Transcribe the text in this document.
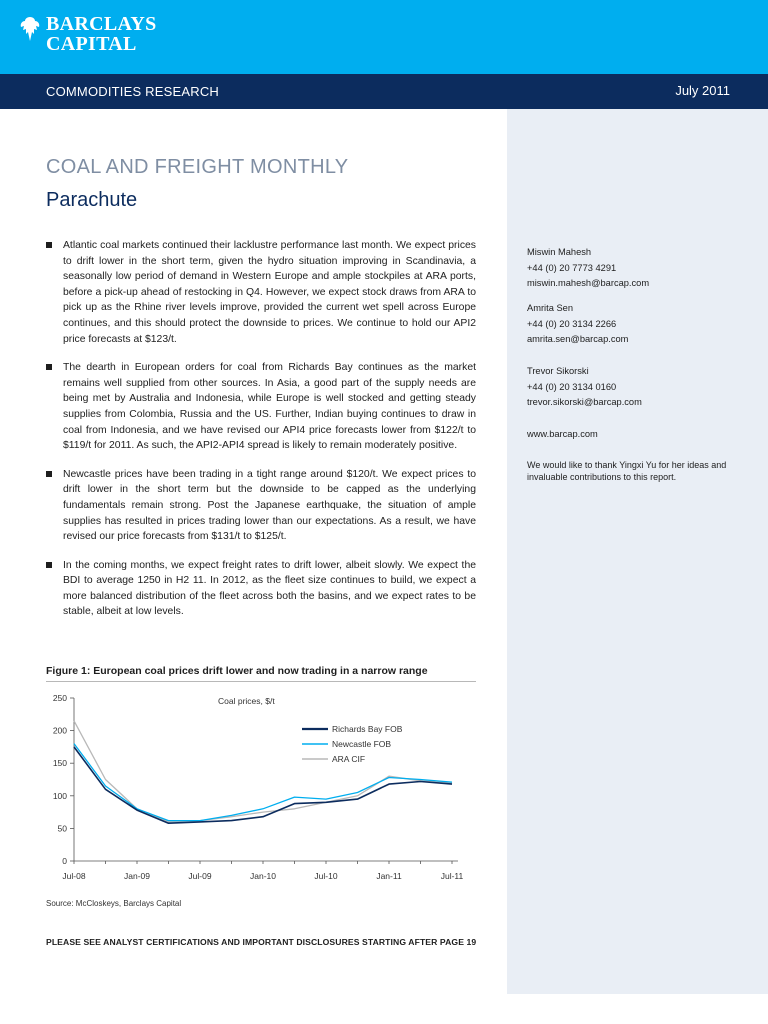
BARCLAYS
CAPITAL
COMMODITIES RESEARCH	July 2011
COAL AND FREIGHT MONTHLY
Parachute
Atlantic coal markets continued their lacklustre performance last month. We expect prices to drift lower in the short term, given the hydro situation improving in Scandinavia, a seasonally low period of demand in Western Europe and ample stockpiles at ARA ports, before a pick-up ahead of restocking in Q4. However, we expect stock draws from ARA to pick up as the Rhine river levels improve, provided the current wet spell across Europe continues, and this should protect the downside to prices. We continue to hold our API2 price forecasts at $123/t.
The dearth in European orders for coal from Richards Bay continues as the market remains well supplied from other sources. In Asia, a good part of the supply needs are being met by Australia and Indonesia, while Europe is well stocked and getting steady supplies from Colombia, Russia and the US. Further, Indian buying continues to draw in coal from Indonesia, and we have revised our API4 price forecasts lower from $122/t to $119/t for 2011. As such, the API2-API4 spread is likely to remain moderately positive.
Newcastle prices have been trading in a tight range around $120/t. We expect prices to drift lower in the short term but the downside to be capped as the underlying fundamentals remain strong. Post the Japanese earthquake, the situation of ample supplies has resulted in prices trading lower than our expectations. As a result, we have revised our price forecasts from $131/t to $125/t.
In the coming months, we expect freight rates to drift lower, albeit slowly. We expect the BDI to average 1250 in H2 11. In 2012, as the fleet size continues to build, we expect a more balanced distribution of the fleet across both the basins, and we expect rates to be stable, albeit at low levels.
Figure 1: European coal prices drift lower and now trading in a narrow range
0
50
100
150
200
250
Jul-08	Jan-09	Jul-09	Jan-10	Jul-10	Jan-11	Jul-11
Coal prices, $/t
Richards Bay FOB
Newcastle FOB
ARA CIF
Source: McCloskeys, Barclays Capital
PLEASE SEE ANALYST CERTIFICATIONS AND IMPORTANT DISCLOSURES STARTING AFTER PAGE 19
Miswin Mahesh
+44 (0) 20 7773 4291
miswin.mahesh@barcap.com
Amrita Sen
+44 (0) 20 3134 2266
amrita.sen@barcap.com
Trevor Sikorski
+44 (0) 20 3134 0160
trevor.sikorski@barcap.com
www.barcap.com
We would like to thank Yingxi Yu for her ideas and invaluable contributions to this report.
